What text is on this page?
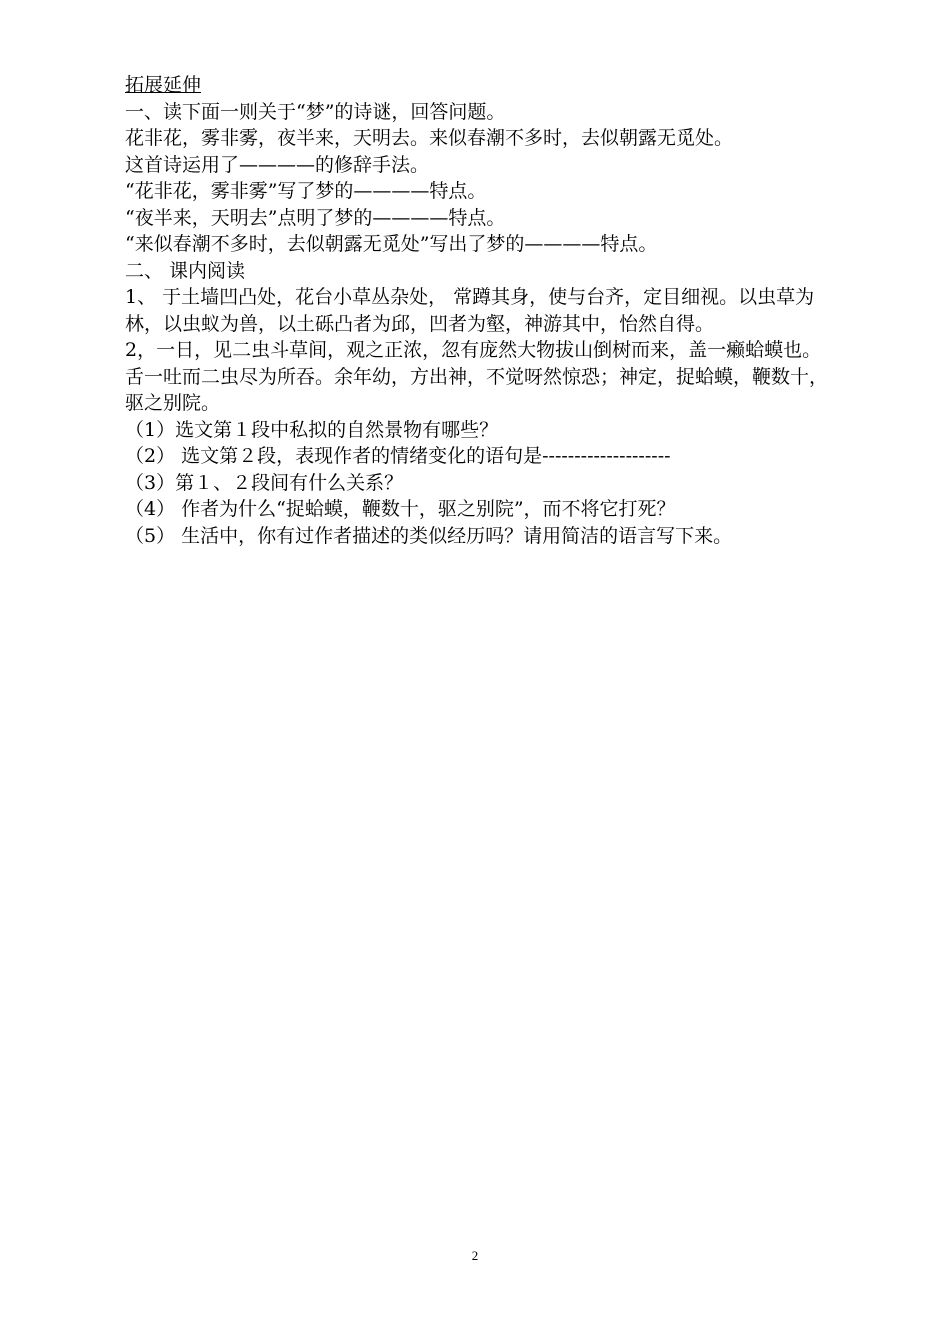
拓展延伸
一、读下面一则关于“梦”的诗谜，回答问题。
花非花，雾非雾，夜半来，天明去。来似春潮不多时，去似朝露无觅处。
这首诗运用了————的修辞手法。
“花非花，雾非雾”写了梦的————特点。
“夜半来，天明去”点明了梦的————特点。
“来似春潮不多时，去似朝露无觅处”写出了梦的————特点。
二、 课内阅读
1、 于土墙凹凸处，花台小草丛杂处， 常蹲其身，使与台齐，定目细视。以虫草为林，以虫蚁为兽，以土砾凸者为邱，凹者为壑，神游其中，怡然自得。
2，一日，见二虫斗草间，观之正浓，忽有庞然大物拔山倒树而来，盖一癞蛤蟆也。
舌一吐而二虫尽为所吞。余年幼，方出神，不觉呀然惊恐；神定，捉蛤蟆，鞭数十，驱之别院。
（1）选文第１段中私拟的自然景物有哪些？
（2） 选文第２段，表现作者的情绪变化的语句是--------------------
（3）第１、２段间有什么关系？
（4） 作者为什么“捉蛤蟆，鞭数十，驱之别院”，而不将它打死？
（5） 生活中，你有过作者描述的类似经历吗？请用简洁的语言写下来。
2
